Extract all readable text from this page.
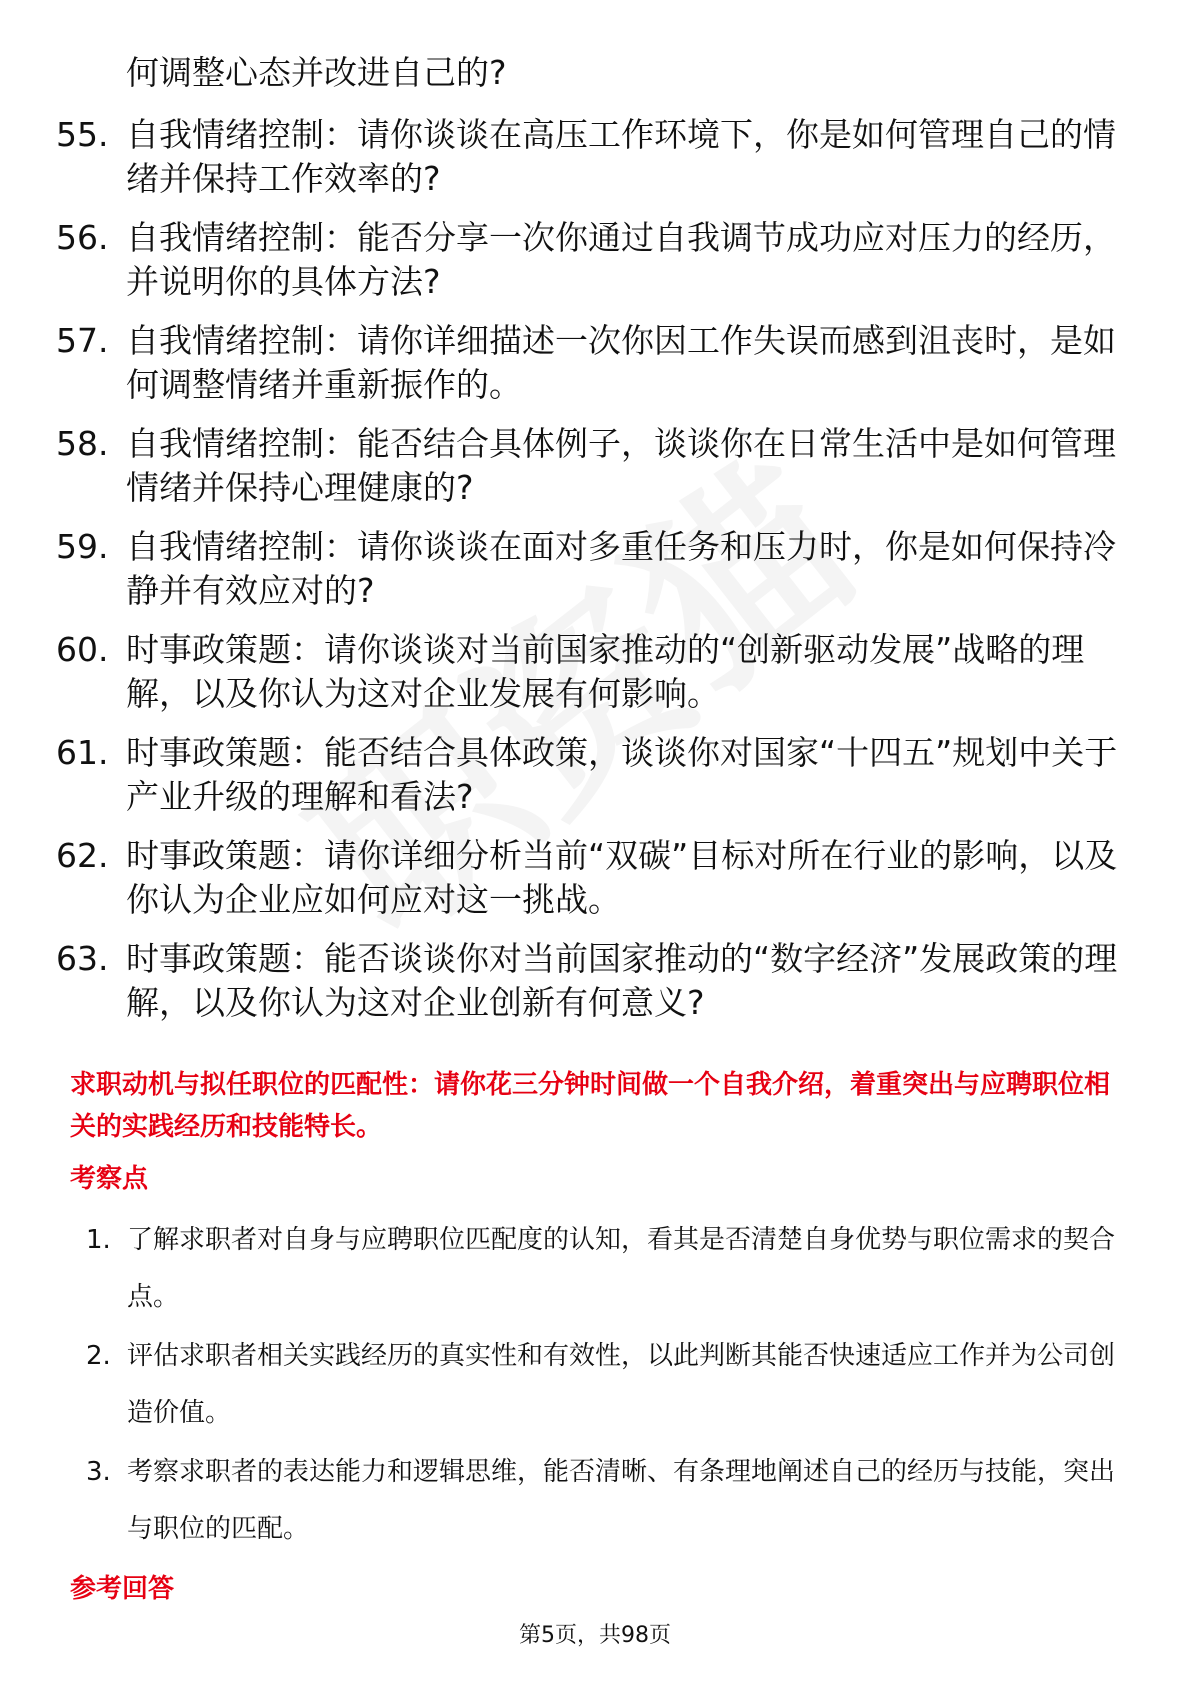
何调整心态并改进自己的?
55. 自我情绪控制：请你谈谈在高压工作环境下，你是如何管理自己的情绪并保持工作效率的?
56. 自我情绪控制：能否分享一次你通过自我调节成功应对压力的经历，并说明你的具体方法?
57. 自我情绪控制：请你详细描述一次你因工作失误而感到沮丧时，是如何调整情绪并重新振作的。
58. 自我情绪控制：能否结合具体例子，谈谈你在日常生活中是如何管理情绪并保持心理健康的?
59. 自我情绪控制：请你谈谈在面对多重任务和压力时，你是如何保持冷静并有效应对的?
60. 时事政策题：请你谈谈对当前国家推动的“创新驱动发展”战略的理解，以及你认为这对企业发展有何影响。
61. 时事政策题：能否结合具体政策，谈谈你对国家“十四五”规划中关于产业升级的理解和看法?
62. 时事政策题：请你详细分析当前“双碳”目标对所在行业的影响，以及你认为企业应如何应对这一挑战。
63. 时事政策题：能否谈谈你对当前国家推动的“数字经济”发展政策的理解，以及你认为这对企业创新有何意义?
求职动机与拟任职位的匹配性：请你花三分钟时间做一个自我介绍，着重突出与应聘职位相关的实践经历和技能特长。
考察点
1. 了解求职者对自身与应聘职位匹配度的认知，看其是否清楚自身优势与职位需求的契合点。
2. 评估求职者相关实践经历的真实性和有效性，以此判断其能否快速适应工作并为公司创造价值。
3. 考察求职者的表达能力和逻辑思维，能否清晰、有条理地阐述自己的经历与技能，突出与职位的匹配。
参考回答
第5页，共98页
